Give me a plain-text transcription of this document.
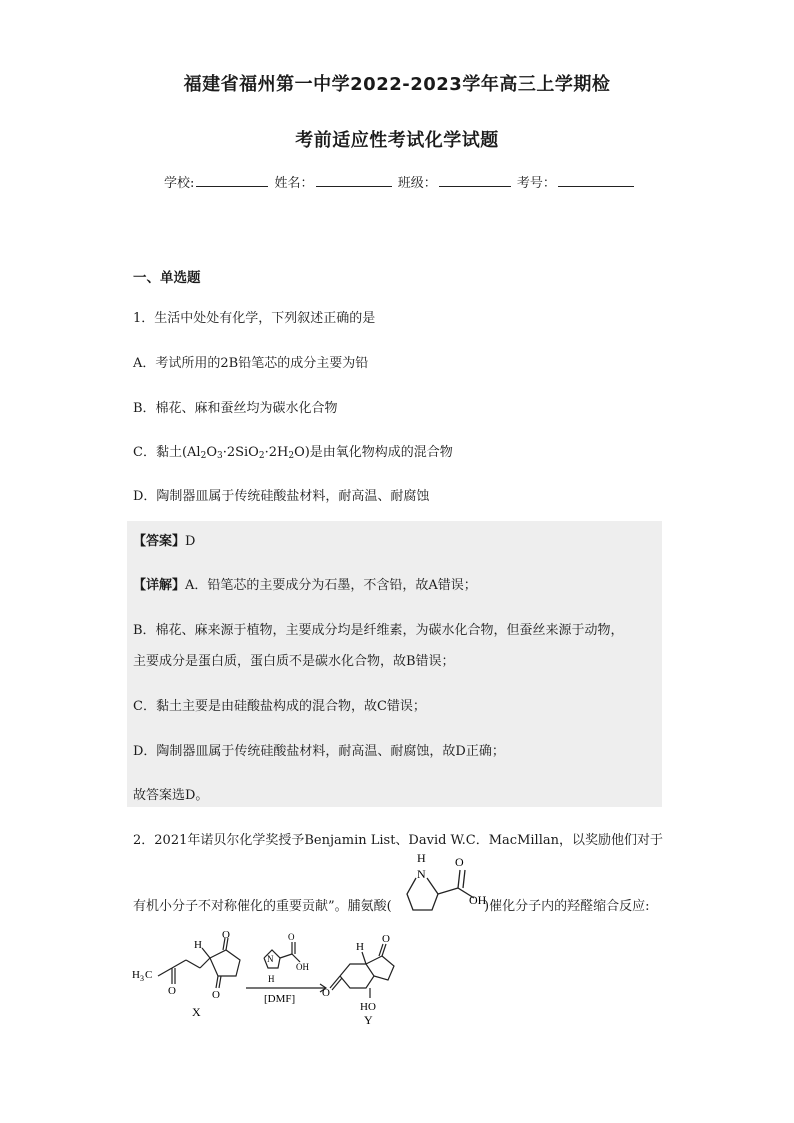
福建省福州第一中学2022-2023学年高三上学期检
考前适应性考试化学试题
学校:	姓名：	班级：	考号：
一、单选题
1．生活中处处有化学，下列叙述正确的是
A．考试所用的2B铅笔芯的成分主要为铅
B．棉花、麻和蚕丝均为碳水化合物
C．黏土$(Al_2O_3\cdot 2SiO_2\cdot 2H_2O)$是由氧化物构成的混合物
D．陶制器皿属于传统硅酸盐材料，耐高温、耐腐蚀
【答案】D
【详解】A．铅笔芯的主要成分为石墨，不含铅，故A错误；
B．棉花、麻来源于植物，主要成分均是纤维素，为碳水化合物，但蚕丝来源于动物，
主要成分是蛋白质，蛋白质不是碳水化合物，故B错误；
C．黏土主要是由硅酸盐构成的混合物，故C错误；
D．陶制器皿属于传统硅酸盐材料，耐高温、耐腐蚀，故D正确；
故答案选D。
2．2021年诺贝尔化学奖授予Benjamin List、David W.C．MacMillan，以奖励他们对于
有机小分子不对称催化的重要贡献”。脯氨酸(	)催化分子内的羟醛缩合反应:
N
H O
OH
H 3 C
O
H
O
O
X
N
H
O
OH
[DMF]
H
O
O
HO
Y
